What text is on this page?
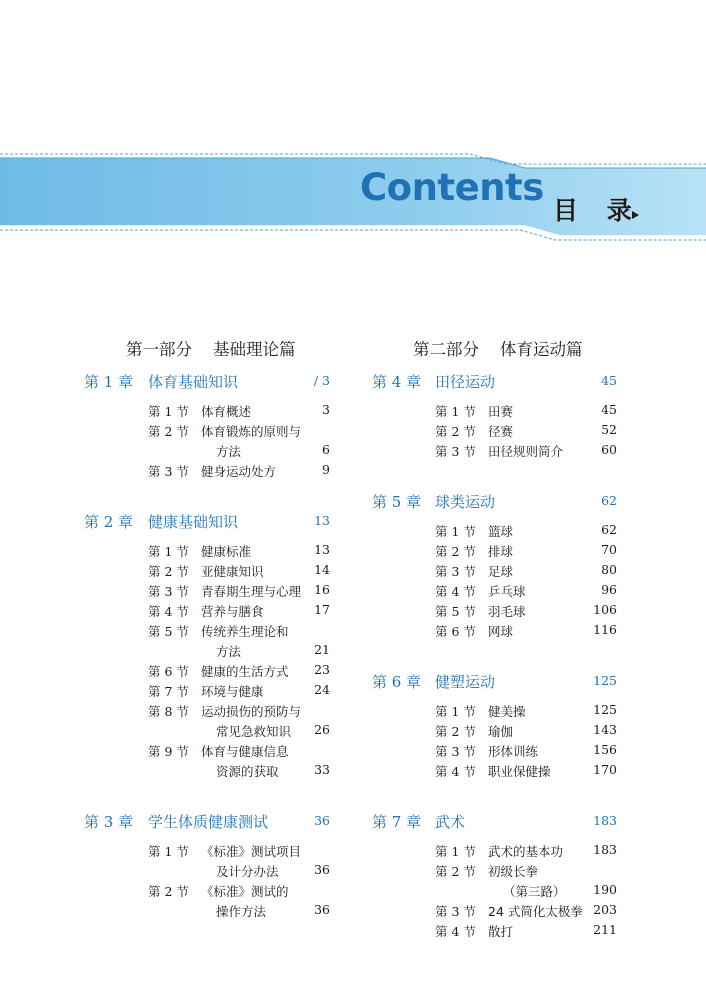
Contents
目 录
第一部分    基础理论篇	第二部分    体育运动篇
第 1 章 体育基础知识	/ 3
第 1 节 体育概述	3
第 2 节 体育锻炼的原则与
方法	6
第 3 节 健身运动处方	9
第 2 章 健康基础知识	13
第 1 节 健康标准	13
第 2 节 亚健康知识	14
第 3 节 青春期生理与心理	16
第 4 节 营养与膳食	17
第 5 节 传统养生理论和
方法	21
第 6 节 健康的生活方式	23
第 7 节 环境与健康	24
第 8 节 运动损伤的预防与
常见急救知识	26
第 9 节 体育与健康信息
资源的获取	33
第 3 章 学生体质健康测试	36
第 1 节 《标准》测试项目
及计分办法	36
第 2 节 《标准》测试的
操作方法	36
第 4 章 田径运动	45
第 1 节 田赛	45
第 2 节 径赛	52
第 3 节 田径规则简介	60
第 5 章 球类运动	62
第 1 节 篮球	62
第 2 节 排球	70
第 3 节 足球	80
第 4 节 乒乓球	96
第 5 节 羽毛球	106
第 6 节 网球	116
第 6 章 健塑运动	125
第 1 节 健美操	125
第 2 节 瑜伽	143
第 3 节 形体训练	156
第 4 节 职业保健操	170
第 7 章 武术	183
第 1 节 武术的基本功	183
第 2 节 初级长拳
（第三路）	190
第 3 节 24 式简化太极拳 203
第 4 节 散打	211
